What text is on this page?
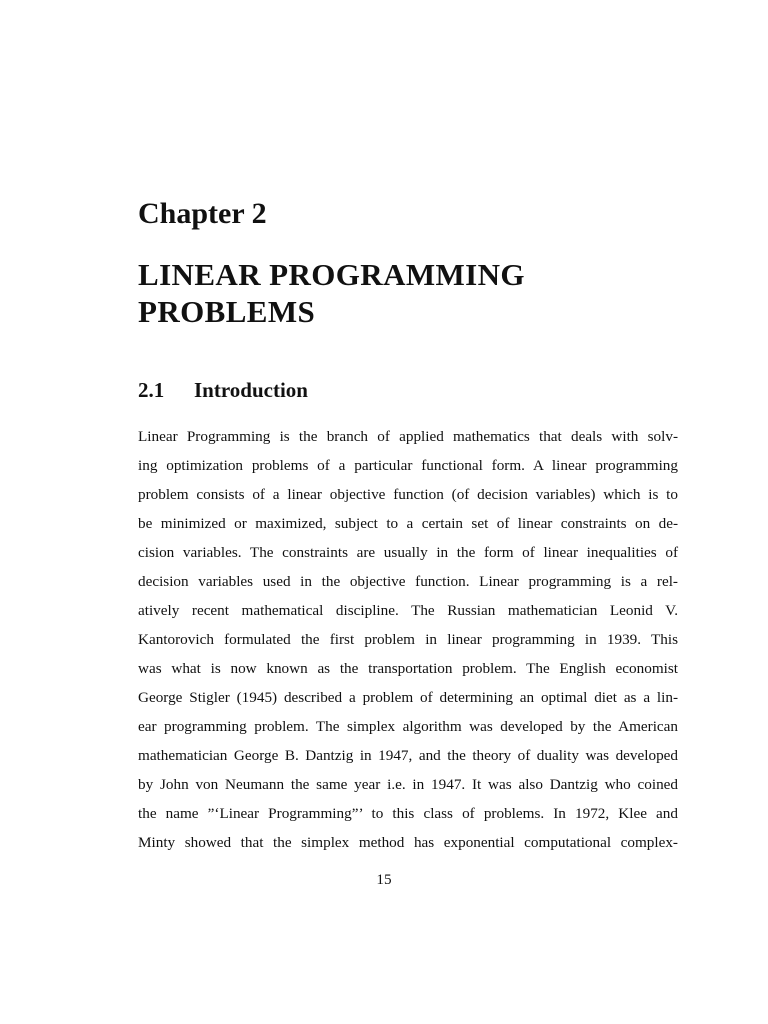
Chapter 2
LINEAR PROGRAMMING
PROBLEMS
2.1 Introduction

Linear Programming is the branch of applied mathematics that deals with solv-
ing optimization problems of a particular functional form. A linear programming
problem consists of a linear objective function (of decision variables) which is to
be minimized or maximized, subject to a certain set of linear constraints on de-
cision variables. The constraints are usually in the form of linear inequalities of
decision variables used in the objective function. Linear programming is a rel-
atively recent mathematical discipline. The Russian mathematician Leonid V.
Kantorovich formulated the first problem in linear programming in 1939. This
was what is now known as the transportation problem. The English economist
George Stigler (1945) described a problem of determining an optimal diet as a lin-
ear programming problem. The simplex algorithm was developed by the American
mathematician George B. Dantzig in 1947, and the theory of duality was developed
by John von Neumann the same year i.e. in 1947. It was also Dantzig who coined
the name ”‘Linear Programming”’ to this class of problems. In 1972, Klee and
Minty showed that the simplex method has exponential computational complex-

15
